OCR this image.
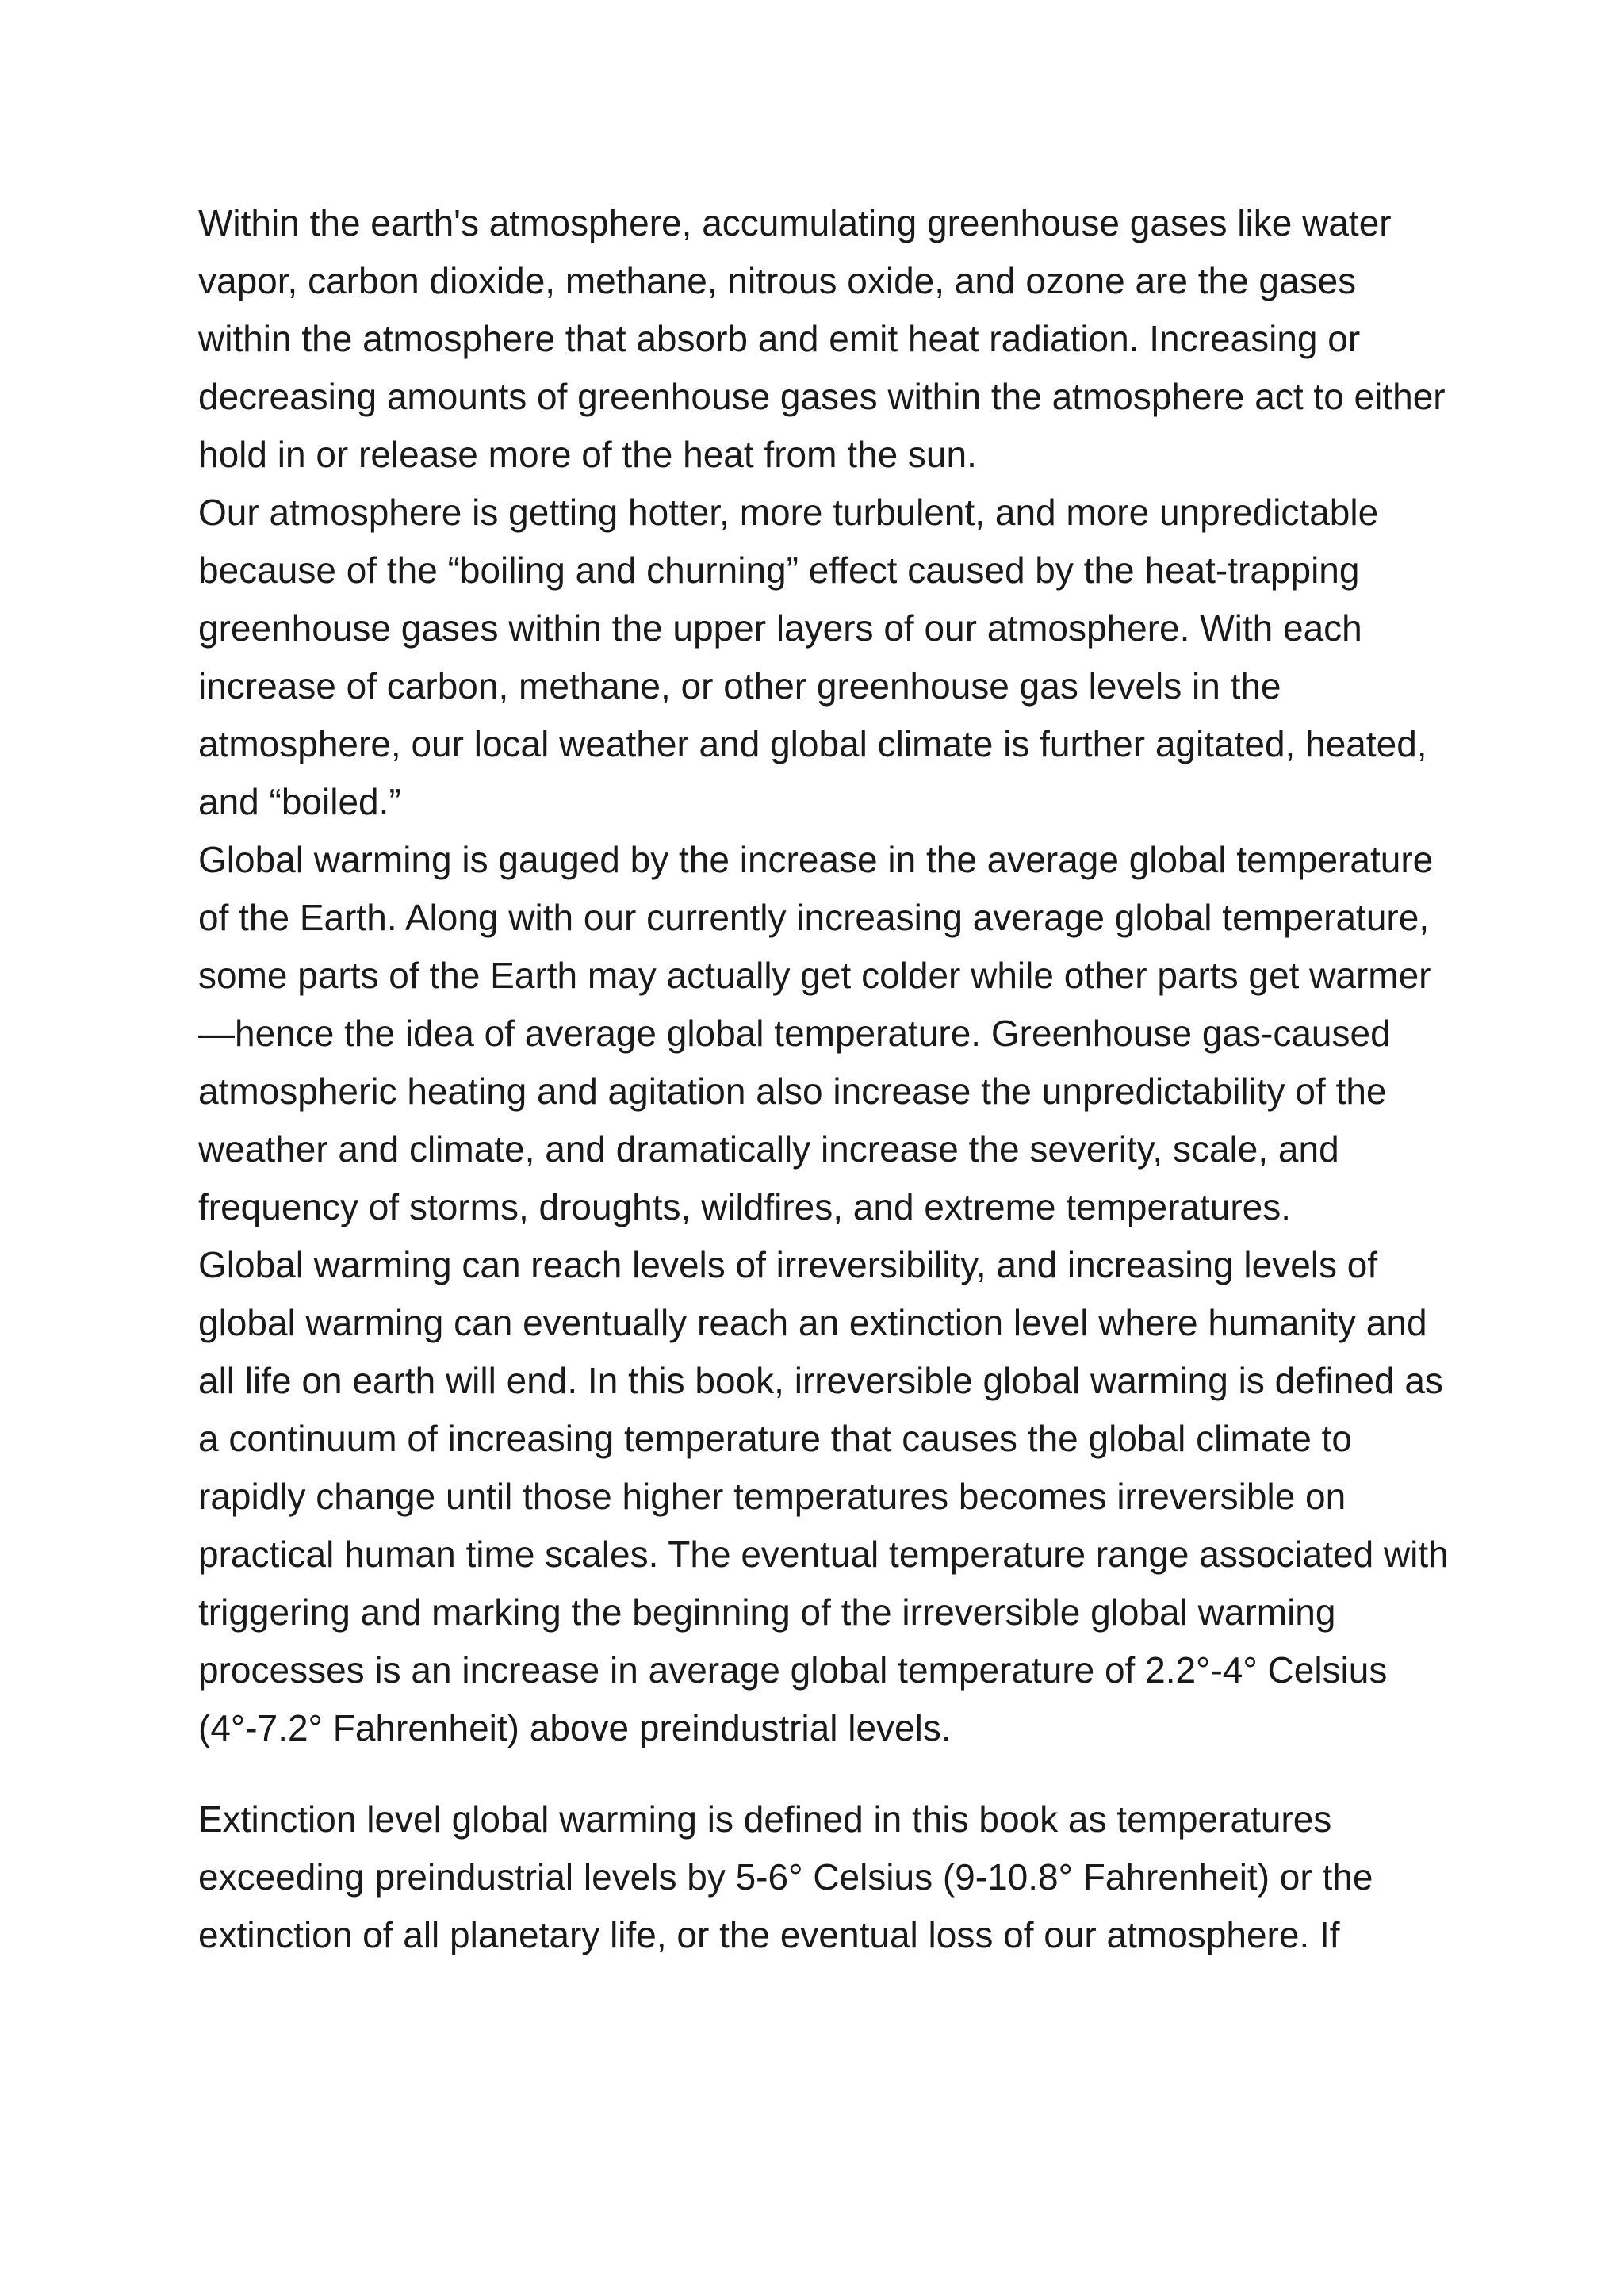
Within the earth's atmosphere, accumulating greenhouse gases like water vapor, carbon dioxide, methane, nitrous oxide, and ozone are the gases within the atmosphere that absorb and emit heat radiation. Increasing or decreasing amounts of greenhouse gases within the atmosphere act to either hold in or release more of the heat from the sun.

Our atmosphere is getting hotter, more turbulent, and more unpredictable because of the “boiling and churning” effect caused by the heat-trapping greenhouse gases within the upper layers of our atmosphere. With each increase of carbon, methane, or other greenhouse gas levels in the atmosphere, our local weather and global climate is further agitated, heated, and “boiled.”

Global warming is gauged by the increase in the average global temperature of the Earth. Along with our currently increasing average global temperature, some parts of the Earth may actually get colder while other parts get warmer—hence the idea of average global temperature. Greenhouse gas-caused atmospheric heating and agitation also increase the unpredictability of the weather and climate, and dramatically increase the severity, scale, and frequency of storms, droughts, wildfires, and extreme temperatures.

Global warming can reach levels of irreversibility, and increasing levels of global warming can eventually reach an extinction level where humanity and all life on earth will end. In this book, irreversible global warming is defined as a continuum of increasing temperature that causes the global climate to rapidly change until those higher temperatures becomes irreversible on practical human time scales. The eventual temperature range associated with triggering and marking the beginning of the irreversible global warming processes is an increase in average global temperature of 2.2°-4° Celsius (4°-7.2° Fahrenheit) above preindustrial levels.

Extinction level global warming is defined in this book as temperatures exceeding preindustrial levels by 5-6° Celsius (9-10.8° Fahrenheit) or the extinction of all planetary life, or the eventual loss of our atmosphere. If
